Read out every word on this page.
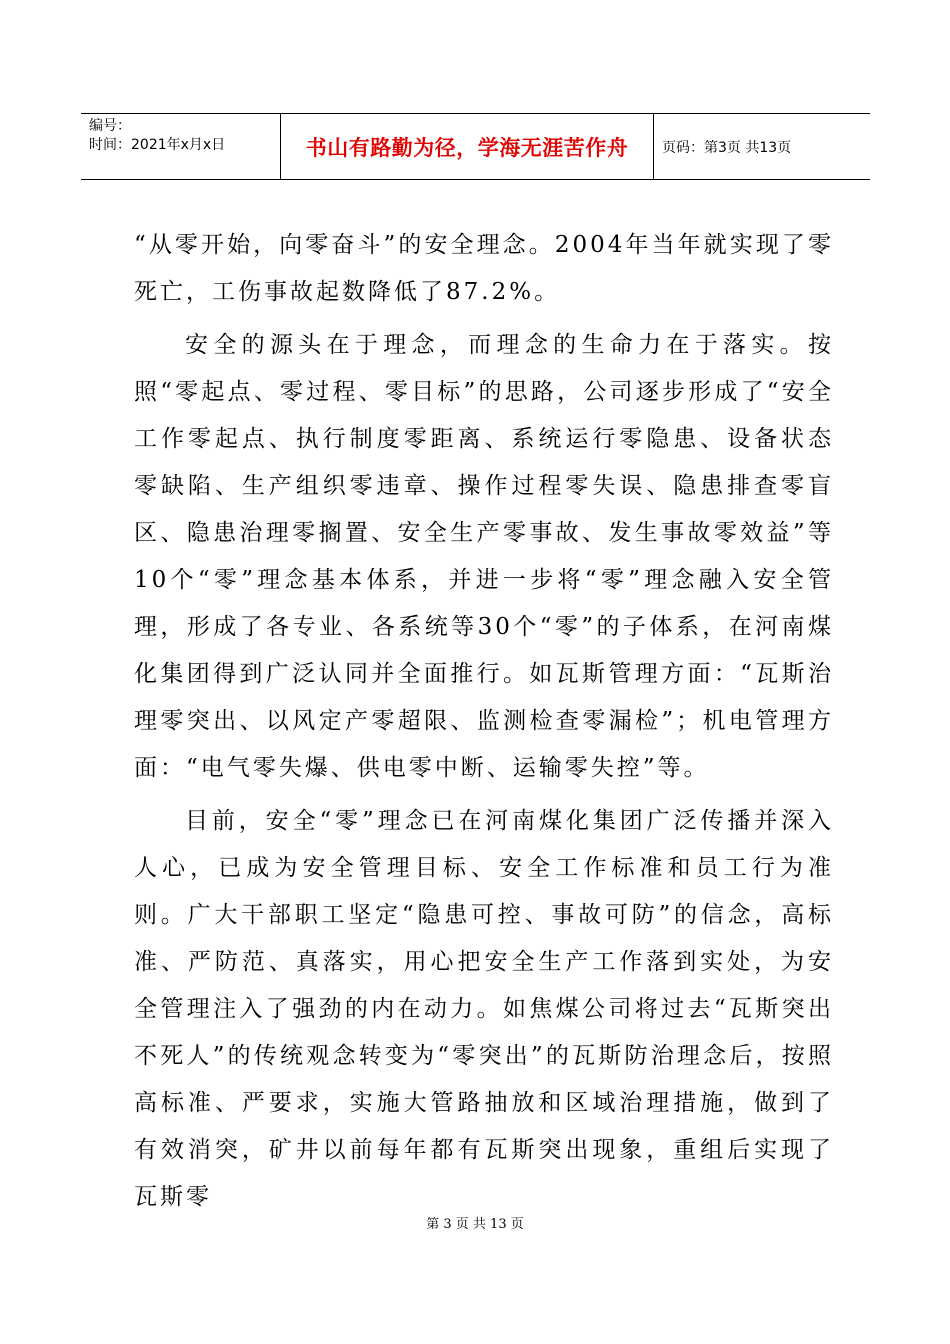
编号：
时间：2021年x月x日	书山有路勤为径，学海无涯苦作舟	页码：第3页 共13页

“从零开始，向零奋斗”的安全理念。2004年当年就实现了零死亡，工伤事故起数降低了87.2%。

安全的源头在于理念，而理念的生命力在于落实。按照“零起点、零过程、零目标”的思路，公司逐步形成了“安全工作零起点、执行制度零距离、系统运行零隐患、设备状态零缺陷、生产组织零违章、操作过程零失误、隐患排查零盲区、隐患治理零搁置、安全生产零事故、发生事故零效益”等10个“零”理念基本体系，并进一步将“零”理念融入安全管理，形成了各专业、各系统等30个“零”的子体系，在河南煤化集团得到广泛认同并全面推行。如瓦斯管理方面：“瓦斯治理零突出、以风定产零超限、监测检查零漏检”；机电管理方面：“电气零失爆、供电零中断、运输零失控”等。

目前，安全“零”理念已在河南煤化集团广泛传播并深入人心，已成为安全管理目标、安全工作标准和员工行为准则。广大干部职工坚定“隐患可控、事故可防”的信念，高标准、严防范、真落实，用心把安全生产工作落到实处，为安全管理注入了强劲的内在动力。如焦煤公司将过去“瓦斯突出不死人”的传统观念转变为“零突出”的瓦斯防治理念后，按照高标准、严要求，实施大管路抽放和区域治理措施，做到了有效消突，矿井以前每年都有瓦斯突出现象，重组后实现了瓦斯零

第 3 页 共 13 页
